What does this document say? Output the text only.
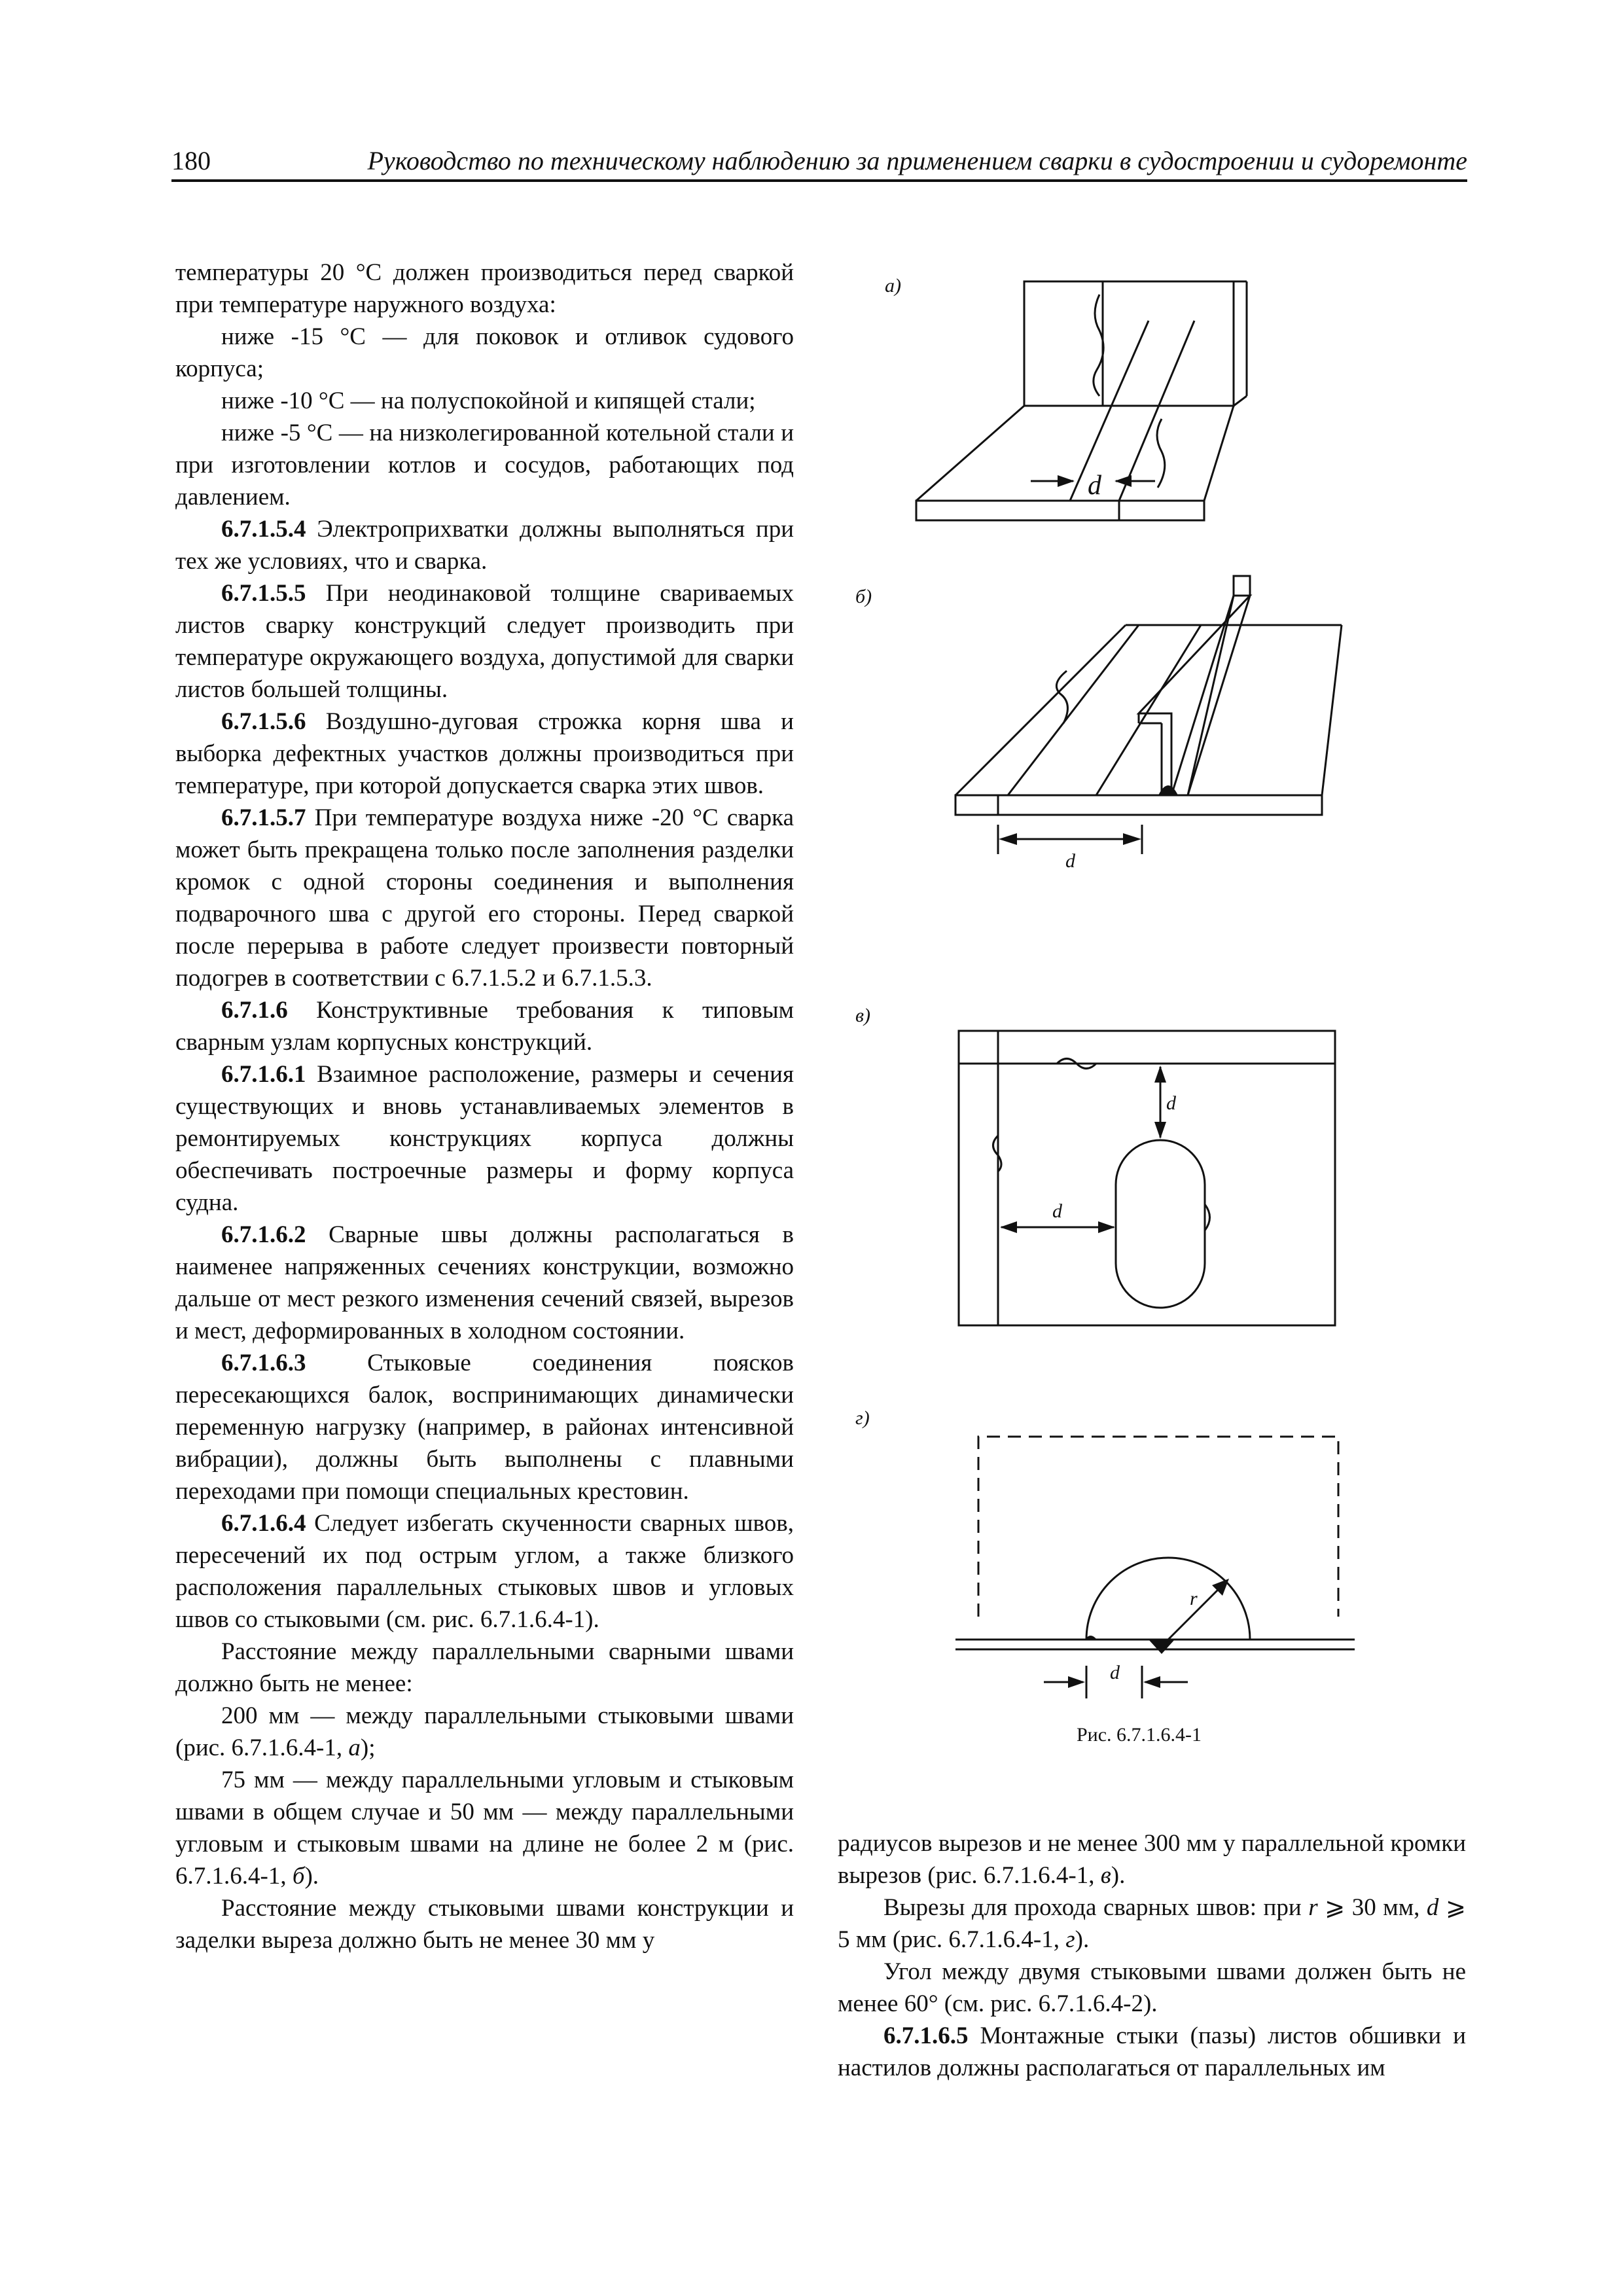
180	Руководство по техническому наблюдению за применением сварки в судостроении и судоремонте

температуры 20 °С должен производиться перед сваркой при температуре наружного воздуха:

ниже -15 °С — для поковок и отливок судового корпуса;

ниже -10 °С — на полуспокойной и кипящей стали;

ниже -5 °С — на низколегированной котельной стали и при изготовлении котлов и сосудов, работающих под давлением.

6.7.1.5.4 Электроприхватки должны выполняться при тех же условиях, что и сварка.

6.7.1.5.5 При неодинаковой толщине свариваемых листов сварку конструкций следует производить при температуре окружающего воздуха, допустимой для сварки листов большей толщины.

6.7.1.5.6 Воздушно-дуговая строжка корня шва и выборка дефектных участков должны производиться при температуре, при которой допускается сварка этих швов.

6.7.1.5.7 При температуре воздуха ниже -20 °С сварка может быть прекращена только после заполнения разделки кромок с одной стороны соединения и выполнения подварочного шва с другой его стороны. Перед сваркой после перерыва в работе следует произвести повторный подогрев в соответствии с 6.7.1.5.2 и 6.7.1.5.3.

6.7.1.6 Конструктивные требования к типовым сварным узлам корпусных конструкций.

6.7.1.6.1 Взаимное расположение, размеры и сечения существующих и вновь устанавливаемых элементов в ремонтируемых конструкциях корпуса должны обеспечивать построечные размеры и форму корпуса судна.

6.7.1.6.2 Сварные швы должны располагаться в наименее напряженных сечениях конструкции, возможно дальше от мест резкого изменения сечений связей, вырезов и мест, деформированных в холодном состоянии.

6.7.1.6.3 Стыковые соединения поясков пересекающихся балок, воспринимающих динамически переменную нагрузку (например, в районах интенсивной вибрации), должны быть выполнены с плавными переходами при помощи специальных крестовин.

6.7.1.6.4 Следует избегать скученности сварных швов, пересечений их под острым углом, а также близкого расположения параллельных стыковых швов и угловых швов со стыковыми (см. рис. 6.7.1.6.4-1).

Расстояние между параллельными сварными швами должно быть не менее:

200 мм — между параллельными стыковыми швами (рис. 6.7.1.6.4-1, а);

75 мм — между параллельными угловым и стыковым швами в общем случае и 50 мм — между параллельными угловым и стыковым швами на длине не более 2 м (рис. 6.7.1.6.4-1, б).

Расстояние между стыковыми швами конструкции и заделки выреза должно быть не менее 30 мм у

радиусов вырезов и не менее 300 мм у параллельной кромки вырезов (рис. 6.7.1.6.4-1, в).

Вырезы для прохода сварных швов: при r ⩾ 30 мм, d ⩾ 5 мм (рис. 6.7.1.6.4-1, г).

Угол между двумя стыковыми швами должен быть не менее 60° (см. рис. 6.7.1.6.4-2).

6.7.1.6.5 Монтажные стыки (пазы) листов обшивки и настилов должны располагаться от параллельных им

а)
б)
в)
г)
d
d
d
d
r
d
Рис. 6.7.1.6.4-1
